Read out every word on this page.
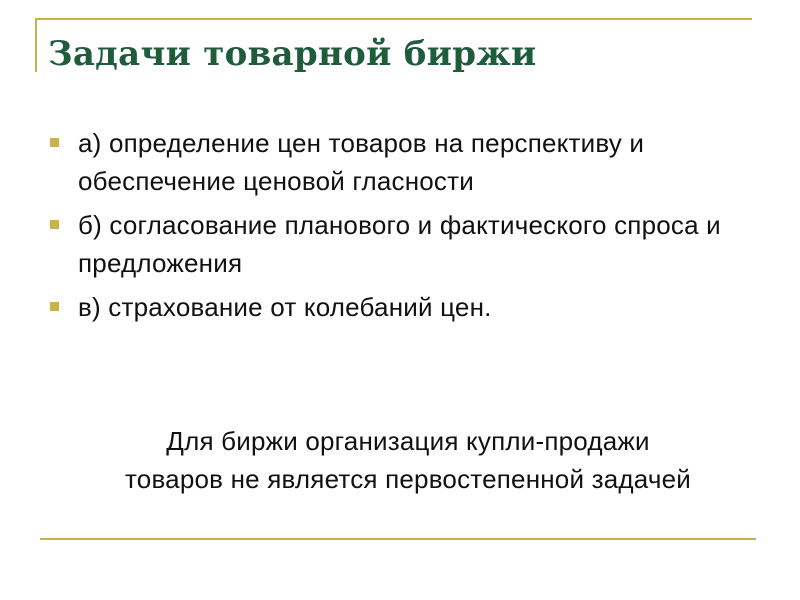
Задачи товарной биржи
а) определение цен товаров на перспективу и обеспечение ценовой гласности
б) согласование планового и фактического спроса и предложения
в) страхование от колебаний цен.
Для биржи организация купли-продажи
товаров не является первостепенной задачей
